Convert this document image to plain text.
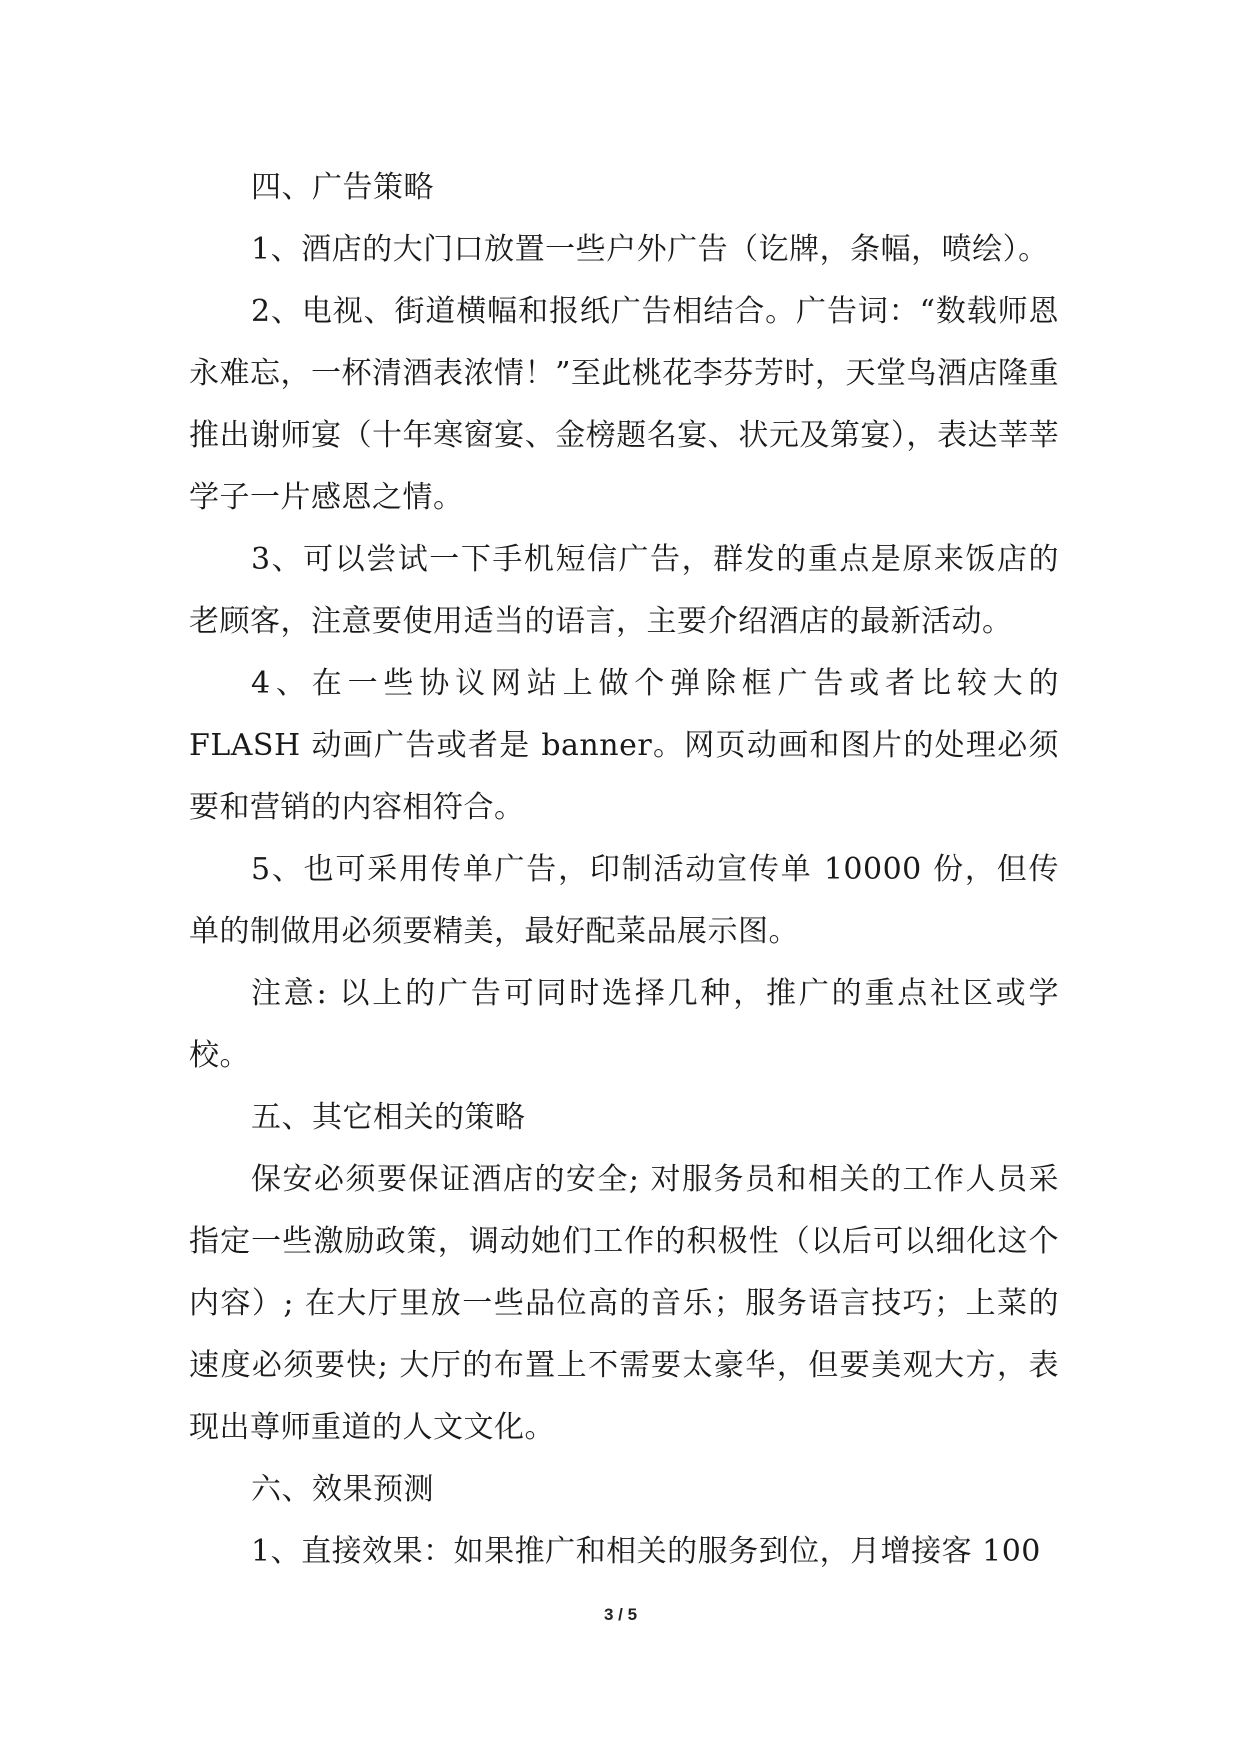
四、广告策略

1、酒店的大门口放置一些户外广告（讫牌，条幅，喷绘）。

2、电视、街道横幅和报纸广告相结合。广告词：“数载师恩永难忘，一杯清酒表浓情！”至此桃花李芬芳时，天堂鸟酒店隆重推出谢师宴（十年寒窗宴、金榜题名宴、状元及第宴），表达莘莘学子一片感恩之情。

3、可以尝试一下手机短信广告，群发的重点是原来饭店的老顾客，注意要使用适当的语言，主要介绍酒店的最新活动。

4、在一些协议网站上做个弹除框广告或者比较大的 FLASH 动画广告或者是 banner。网页动画和图片的处理必须要和营销的内容相符合。

5、也可采用传单广告，印制活动宣传单 10000 份，但传单的制做用必须要精美，最好配菜品展示图。

注意: 以上的广告可同时选择几种，推广的重点社区或学校。

五、其它相关的策略

保安必须要保证酒店的安全; 对服务员和相关的工作人员采指定一些激励政策，调动她们工作的积极性（以后可以细化这个内容）; 在大厅里放一些品位高的音乐；服务语言技巧；上菜的速度必须要快; 大厅的布置上不需要太豪华，但要美观大方，表现出尊师重道的人文文化。

六、效果预测

1、直接效果：如果推广和相关的服务到位，月增接客 100

3 / 5
